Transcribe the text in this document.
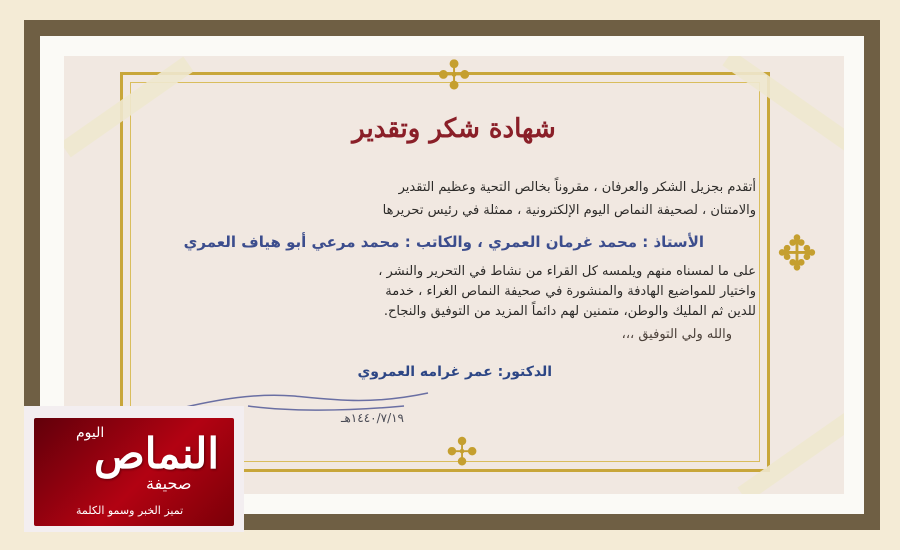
✣
✥
✣
شهادة شكر وتقدير
أتقدم بجزيل الشكر والعرفان ، مقروناً بخالص التحية وعظيم التقدير
والامتنان ، لصحيفة النماص اليوم الإلكترونية ، ممثلة في رئيس تحريرها
الأستاذ : محمد غرمان العمري ، والكاتب : محمد مرعي أبو هياف العمري
على ما لمسناه منهم ويلمسه كل القراء من نشاط في التحرير والنشر ،
واختيار للمواضيع الهادفة والمنشورة في صحيفة النماص الغراء ، خدمة
للدين ثم المليك والوطن، متمنين لهم دائماً المزيد من التوفيق والنجاح.
والله ولي التوفيق ،،،
الدكتور: عمر غرامه العمروي
١٤٤٠/٧/١٩هـ
اليوم
النماص
صحيفة
تميز الخبر وسمو الكلمة
